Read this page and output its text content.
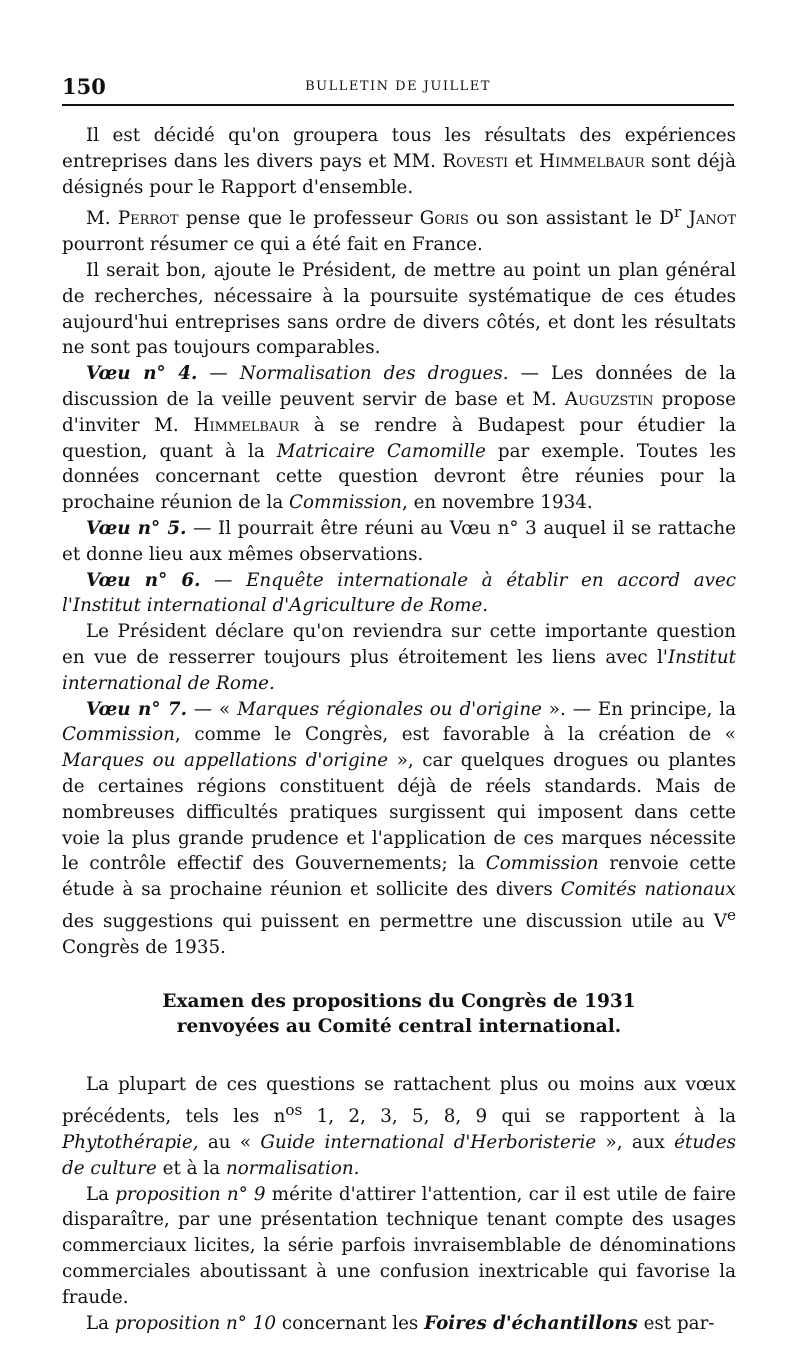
150	BULLETIN DE JUILLET

Il est décidé qu'on groupera tous les résultats des expériences entreprises dans les divers pays et MM. Rovesti et Himmelbaur sont déjà désignés pour le Rapport d'ensemble.

M. Perrot pense que le professeur Goris ou son assistant le $D^r$ Janot pourront résumer ce qui a été fait en France.

Il serait bon, ajoute le Président, de mettre au point un plan général de recherches, nécessaire à la poursuite systématique de ces études aujourd'hui entreprises sans ordre de divers côtés, et dont les résultats ne sont pas toujours comparables.

Vœu n° 4. — Normalisation des drogues. — Les données de la discussion de la veille peuvent servir de base et M. Auguzstin propose d'inviter M. Himmelbaur à se rendre à Budapest pour étudier la question, quant à la Matricaire Camomille par exemple. Toutes les données concernant cette question devront être réunies pour la prochaine réunion de la Commission, en novembre 1934.

Vœu n° 5. — Il pourrait être réuni au Vœu n° 3 auquel il se rattache et donne lieu aux mêmes observations.

Vœu n° 6. — Enquête internationale à établir en accord avec l'Institut international d'Agriculture de Rome.

Le Président déclare qu'on reviendra sur cette importante question en vue de resserrer toujours plus étroitement les liens avec l'Institut international de Rome.

Vœu n° 7. — « Marques régionales ou d'origine ». — En principe, la Commission, comme le Congrès, est favorable à la création de « Marques ou appellations d'origine », car quelques drogues ou plantes de certaines régions constituent déjà de réels standards. Mais de nombreuses difficultés pratiques surgissent qui imposent dans cette voie la plus grande prudence et l'application de ces marques nécessite le contrôle effectif des Gouvernements; la Commission renvoie cette étude à sa prochaine réunion et sollicite des divers Comités nationaux des suggestions qui puissent en permettre une discussion utile au Ve Congrès de 1935.

Examen des propositions du Congrès de 1931
renvoyées au Comité central international.

La plupart de ces questions se rattachent plus ou moins aux vœux précédents, tels les $n^{os}$ 1, 2, 3, 5, 8, 9 qui se rapportent à la Phytothérapie, au « Guide international d'Herboristerie », aux études de culture et à la normalisation.

La proposition n° 9 mérite d'attirer l'attention, car il est utile de faire disparaître, par une présentation technique tenant compte des usages commerciaux licites, la série parfois invraisemblable de dénominations commerciales aboutissant à une confusion inextricable qui favorise la fraude.

La proposition n° 10 concernant les Foires d'échantillons est par-
